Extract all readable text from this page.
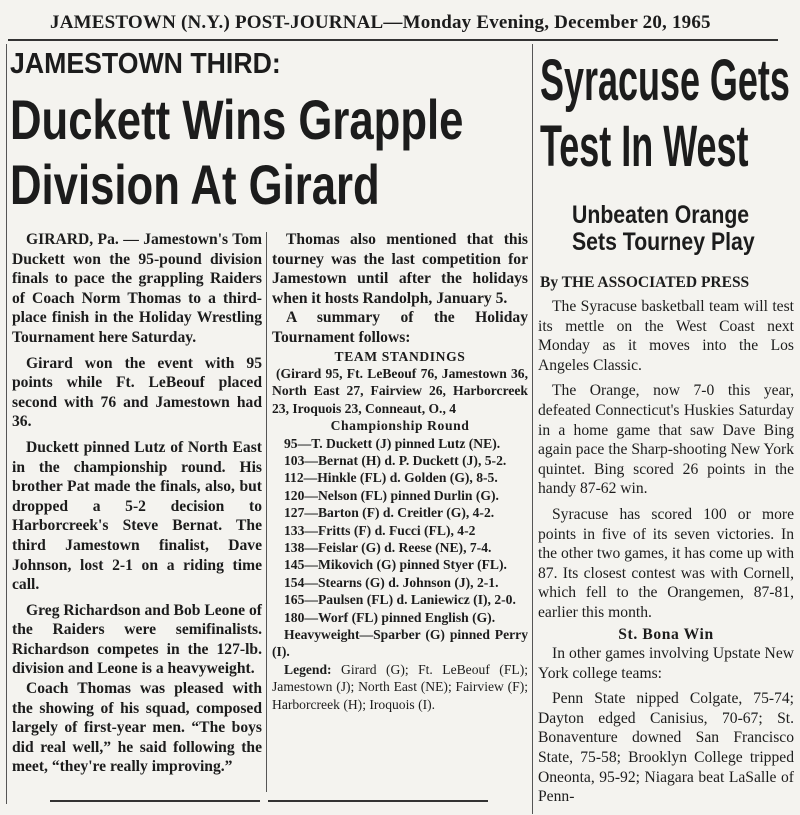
JAMESTOWN (N.Y.) POST-JOURNAL—Monday Evening, December 20, 1965
JAMESTOWN THIRD:
Duckett Wins Grapple
Division At Girard

GIRARD, Pa. — Jamestown's Tom Duckett won the 95-pound division finals to pace the grappling Raiders of Coach Norm Thomas to a third-place finish in the Holiday Wrestling Tournament here Saturday.

Girard won the event with 95 points while Ft. LeBeouf placed second with 76 and Jamestown had 36.

Duckett pinned Lutz of North East in the championship round. His brother Pat made the finals, also, but dropped a 5-2 decision to Harborcreek's Steve Bernat. The third Jamestown finalist, Dave Johnson, lost 2-1 on a riding time call.

Greg Richardson and Bob Leone of the Raiders were semifinalists. Richardson competes in the 127-lb. division and Leone is a heavyweight.

Coach Thomas was pleased with the showing of his squad, composed largely of first-year men. “The boys did real well,” he said following the meet, “they're really improving.”

Thomas also mentioned that this tourney was the last competition for Jamestown until after the holidays when it hosts Randolph, January 5.

A summary of the Holiday Tournament follows:

TEAM STANDINGS

(Girard 95, Ft. LeBeouf 76, Jamestown 36, North East 27, Fairview 26, Harborcreek 23, Iroquois 23, Conneaut, O., 4

Championship Round

95—T. Duckett (J) pinned Lutz (NE).

103—Bernat (H) d. P. Duckett (J), 5-2.

112—Hinkle (FL) d. Golden (G), 8-5.

120—Nelson (FL) pinned Durlin (G).

127—Barton (F) d. Creitler (G), 4-2.

133—Fritts (F) d. Fucci (FL), 4-2

138—Feislar (G) d. Reese (NE), 7-4.

145—Mikovich (G) pinned Styer (FL).

154—Stearns (G) d. Johnson (J), 2-1.

165—Paulsen (FL) d. Laniewicz (I), 2-0.

180—Worf (FL) pinned English (G).

Heavyweight—Sparber (G) pinned Perry (I).

Legend: Girard (G); Ft. LeBeouf (FL); Jamestown (J); North East (NE); Fairview (F); Harborcreek (H); Iroquois (I).

Syracuse Gets
Test In West
Unbeaten Orange
Sets Tourney Play
By THE ASSOCIATED PRESS

The Syracuse basketball team will test its mettle on the West Coast next Monday as it moves into the Los Angeles Classic.

The Orange, now 7-0 this year, defeated Connecticut's Huskies Saturday in a home game that saw Dave Bing again pace the Sharp-shooting New York quintet. Bing scored 26 points in the handy 87-62 win.

Syracuse has scored 100 or more points in five of its seven victories. In the other two games, it has come up with 87. Its closest contest was with Cornell, which fell to the Orangemen, 87-81, earlier this month.

St. Bona Win

In other games involving Upstate New York college teams:

Penn State nipped Colgate, 75-74; Dayton edged Canisius, 70-67; St. Bonaventure downed San Francisco State, 75-58; Brooklyn College tripped Oneonta, 95-92; Niagara beat LaSalle of Penn-
